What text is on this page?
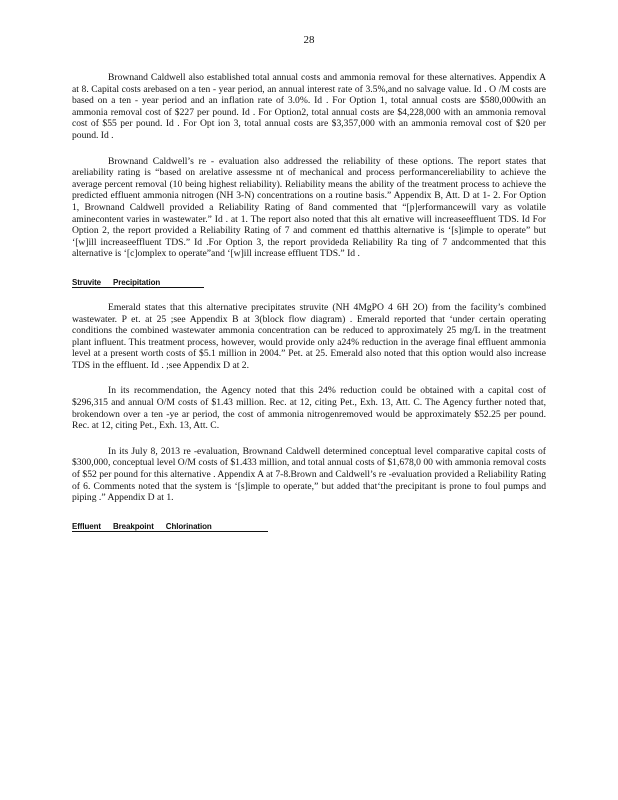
28

Brownand Caldwell also established total annual costs and ammonia removal for these alternatives. Appendix A at 8. Capital costs arebased on a ten - year period, an annual interest rate of 3.5%,and no salvage value. Id . O /M costs are based on a ten - year period and an inflation rate of 3.0%. Id . For Option 1, total annual costs are $580,000with an ammonia removal cost of $227 per pound. Id . For Option2, total annual costs are $4,228,000 with an ammonia removal cost of $55 per pound. Id . For Opt ion 3, total annual costs are $3,357,000 with an ammonia removal cost of $20 per pound. Id .

Brownand Caldwell’s re - evaluation also addressed the reliability of these options. The report states that areliability rating is “based on arelative assessme nt of mechanical and process performancereliability to achieve the average percent removal (10 being highest reliability). Reliability means the ability of the treatment process to achieve the predicted effluent ammonia nitrogen (NH 3-N) concentrations on a routine basis.” Appendix B, Att. D at 1- 2. For Option 1, Brownand Caldwell provided a Reliability Rating of 8and commented that “[p]erformancewill vary as volatile aminecontent varies in wastewater.” Id . at 1. The report also noted that this alt ernative will increaseeffluent TDS. Id For Option 2, the report provided a Reliability Rating of 7 and comment ed thatthis alternative is ‘[s]imple to operate” but ‘[w]ill increaseeffluent TDS.” Id .For Option 3, the report provideda Reliability Ra ting of 7 andcommented that this alternative is ‘[c]omplex to operate”and ‘[w]ill increase effluent TDS.” Id .

Struvite Precipitation

Emerald states that this alternative precipitates struvite (NH 4MgPO 4 6H 2O) from the facility’s combined wastewater. P et. at 25 ;see Appendix B at 3(block flow diagram) . Emerald reported that ‘under certain operating conditions the combined wastewater ammonia concentration can be reduced to approximately 25 mg/L in the treatment plant influent. This treatment process, however, would provide only a24% reduction in the average final effluent ammonia level at a present worth costs of $5.1 million in 2004.” Pet. at 25. Emerald also noted that this option would also increase TDS in the effluent. Id . ;see Appendix D at 2.

In its recommendation, the Agency noted that this 24% reduction could be obtained with a capital cost of $296,315 and annual O/M costs of $1.43 million. Rec. at 12, citing Pet., Exh. 13, Att. C. The Agency further noted that, brokendown over a ten -ye ar period, the cost of ammonia nitrogenremoved would be approximately $52.25 per pound. Rec. at 12, citing Pet., Exh. 13, Att. C.

In its July 8, 2013 re -evaluation, Brownand Caldwell determined conceptual level comparative capital costs of $300,000, conceptual level O/M costs of $1.433 million, and total annual costs of $1,678,0 00 with ammonia removal costs of $52 per pound for this alternative . Appendix A at 7-8.Brown and Caldwell’s re -evaluation provided a Reliability Rating of 6. Comments noted that the system is ‘[s]imple to operate,” but added that‘the precipitant is prone to foul pumps and piping .” Appendix D at 1.

Effluent Breakpoint Chlorination
